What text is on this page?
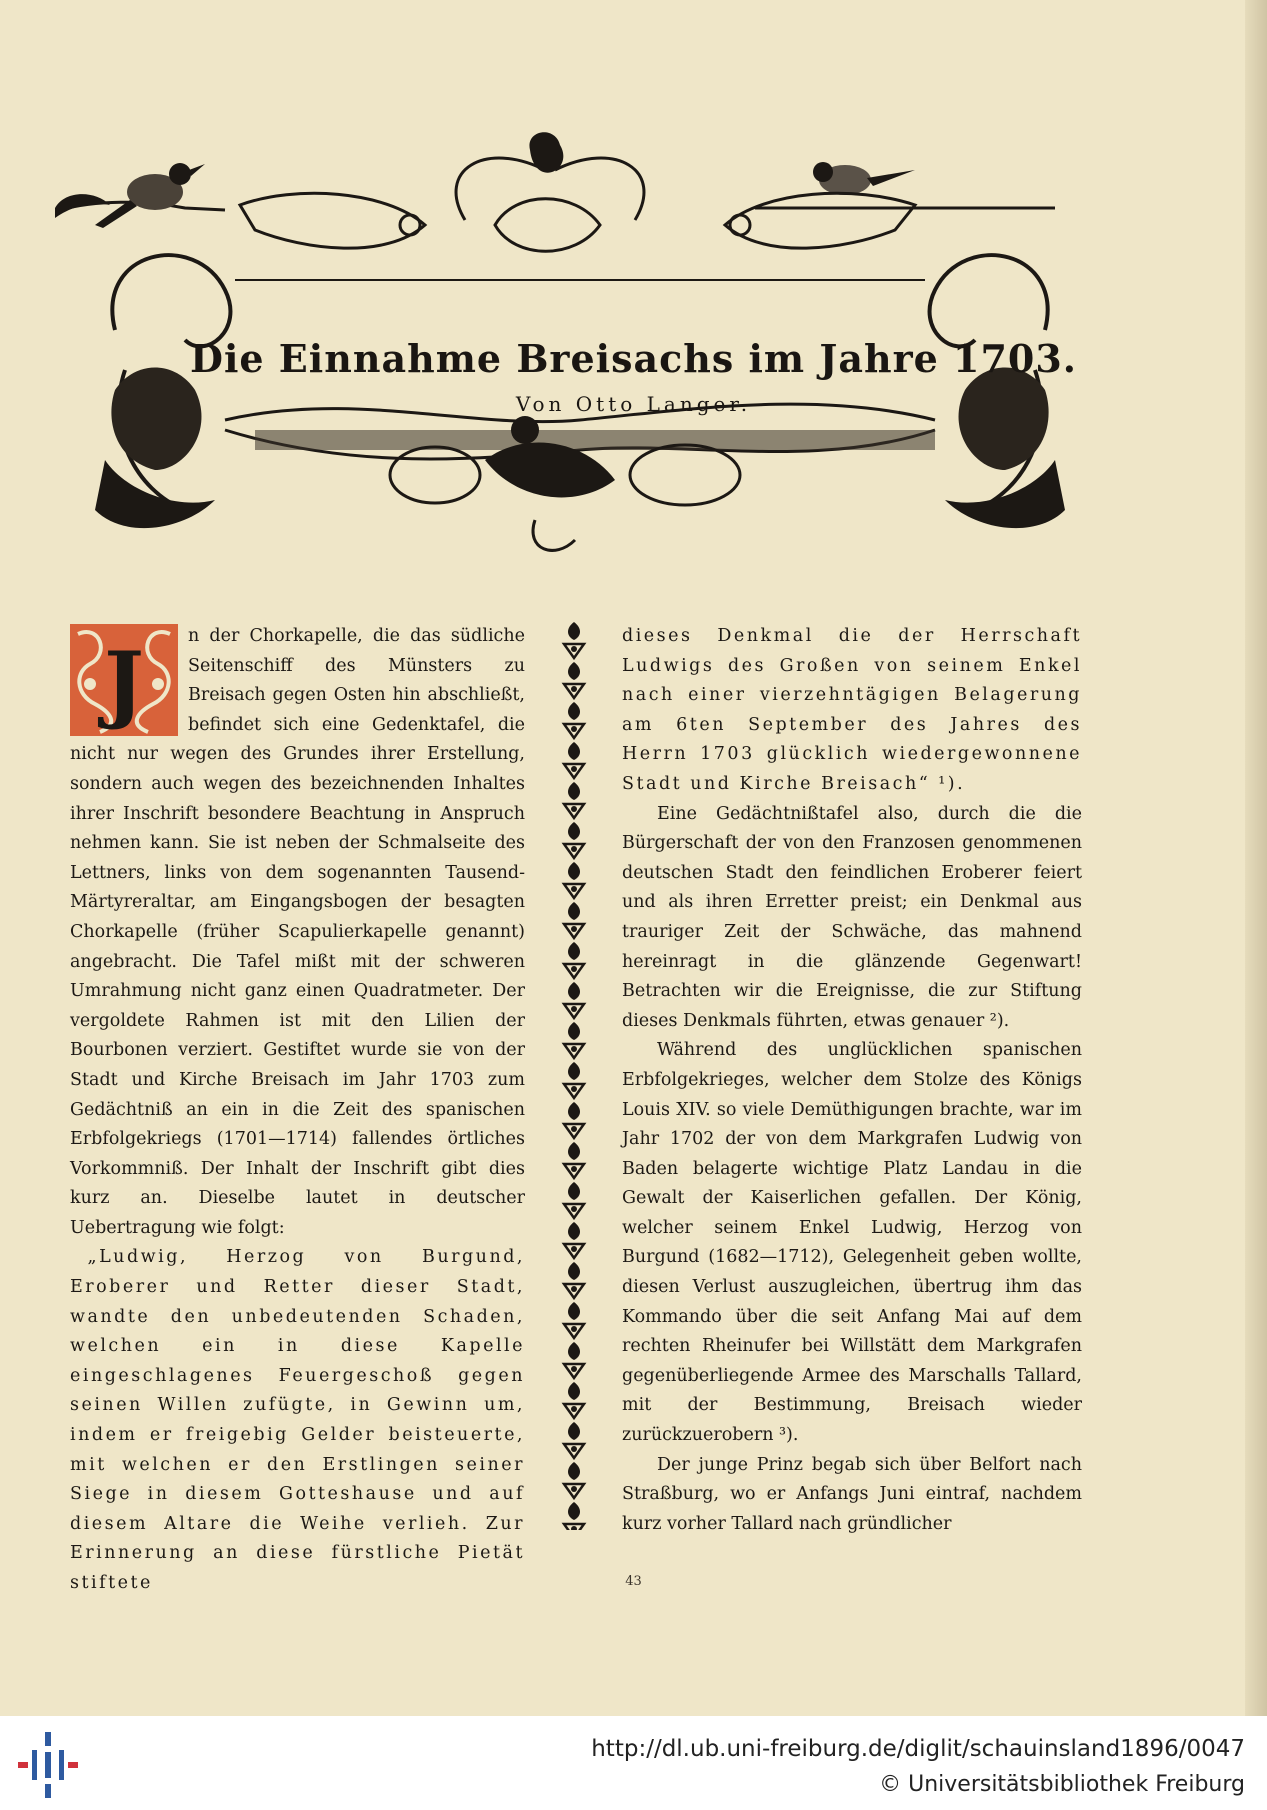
Die Einnahme Breisachs im Jahre 1703.
Von Otto Langer.
J	n der Chorkapelle, die das südliche Seitenschiff des Münsters zu Breisach gegen Osten hin abschließt, befindet sich eine Gedenktafel, die nicht nur wegen des Grundes ihrer Erstellung, sondern auch wegen des bezeichnenden Inhaltes ihrer Inschrift besondere Beachtung in Anspruch nehmen kann. Sie ist neben der Schmalseite des Lettners, links von dem sogenannten Tausend-Märtyreraltar, am Eingangsbogen der besagten Chorkapelle (früher Scapulierkapelle genannt) angebracht. Die Tafel mißt mit der schweren Umrahmung nicht ganz einen Quadratmeter. Der vergoldete Rahmen ist mit den Lilien der Bourbonen verziert. Gestiftet wurde sie von der Stadt und Kirche Breisach im Jahr 1703 zum Gedächtniß an ein in die Zeit des spanischen Erbfolgekriegs (1701—1714) fallendes örtliches Vorkommniß. Der Inhalt der Inschrift gibt dies kurz an. Dieselbe lautet in deutscher Uebertragung wie folgt:

„Ludwig, Herzog von Burgund, Eroberer und Retter dieser Stadt, wandte den unbedeutenden Schaden, welchen ein in diese Kapelle eingeschlagenes Feuergeschoß gegen seinen Willen zufügte, in Gewinn um, indem er freigebig Gelder beisteuerte, mit welchen er den Erstlingen seiner Siege in diesem Gotteshause und auf diesem Altare die Weihe verlieh. Zur Erinnerung an diese fürstliche Pietät stiftete

dieses Denkmal die der Herrschaft Ludwigs des Großen von seinem Enkel nach einer vierzehntägigen Belagerung am 6ten September des Jahres des Herrn 1703 glücklich wiedergewonnene Stadt und Kirche Breisach“ ¹).

Eine Gedächtnißtafel also, durch die die Bürgerschaft der von den Franzosen genommenen deutschen Stadt den feindlichen Eroberer feiert und als ihren Erretter preist; ein Denkmal aus trauriger Zeit der Schwäche, das mahnend hereinragt in die glänzende Gegenwart! Betrachten wir die Ereignisse, die zur Stiftung dieses Denkmals führten, etwas genauer ²).

Während des unglücklichen spanischen Erbfolgekrieges, welcher dem Stolze des Königs Louis XIV. so viele Demüthigungen brachte, war im Jahr 1702 der von dem Markgrafen Ludwig von Baden belagerte wichtige Platz Landau in die Gewalt der Kaiserlichen gefallen. Der König, welcher seinem Enkel Ludwig, Herzog von Burgund (1682—1712), Gelegenheit geben wollte, diesen Verlust auszugleichen, übertrug ihm das Kommando über die seit Anfang Mai auf dem rechten Rheinufer bei Willstätt dem Markgrafen gegenüberliegende Armee des Marschalls Tallard, mit der Bestimmung, Breisach wieder zurückzuerobern ³).

Der junge Prinz begab sich über Belfort nach Straßburg, wo er Anfangs Juni eintraf, nachdem kurz vorher Tallard nach gründlicher

43
http://dl.ub.uni-freiburg.de/diglit/schauinsland1896/0047
© Universitätsbibliothek Freiburg
